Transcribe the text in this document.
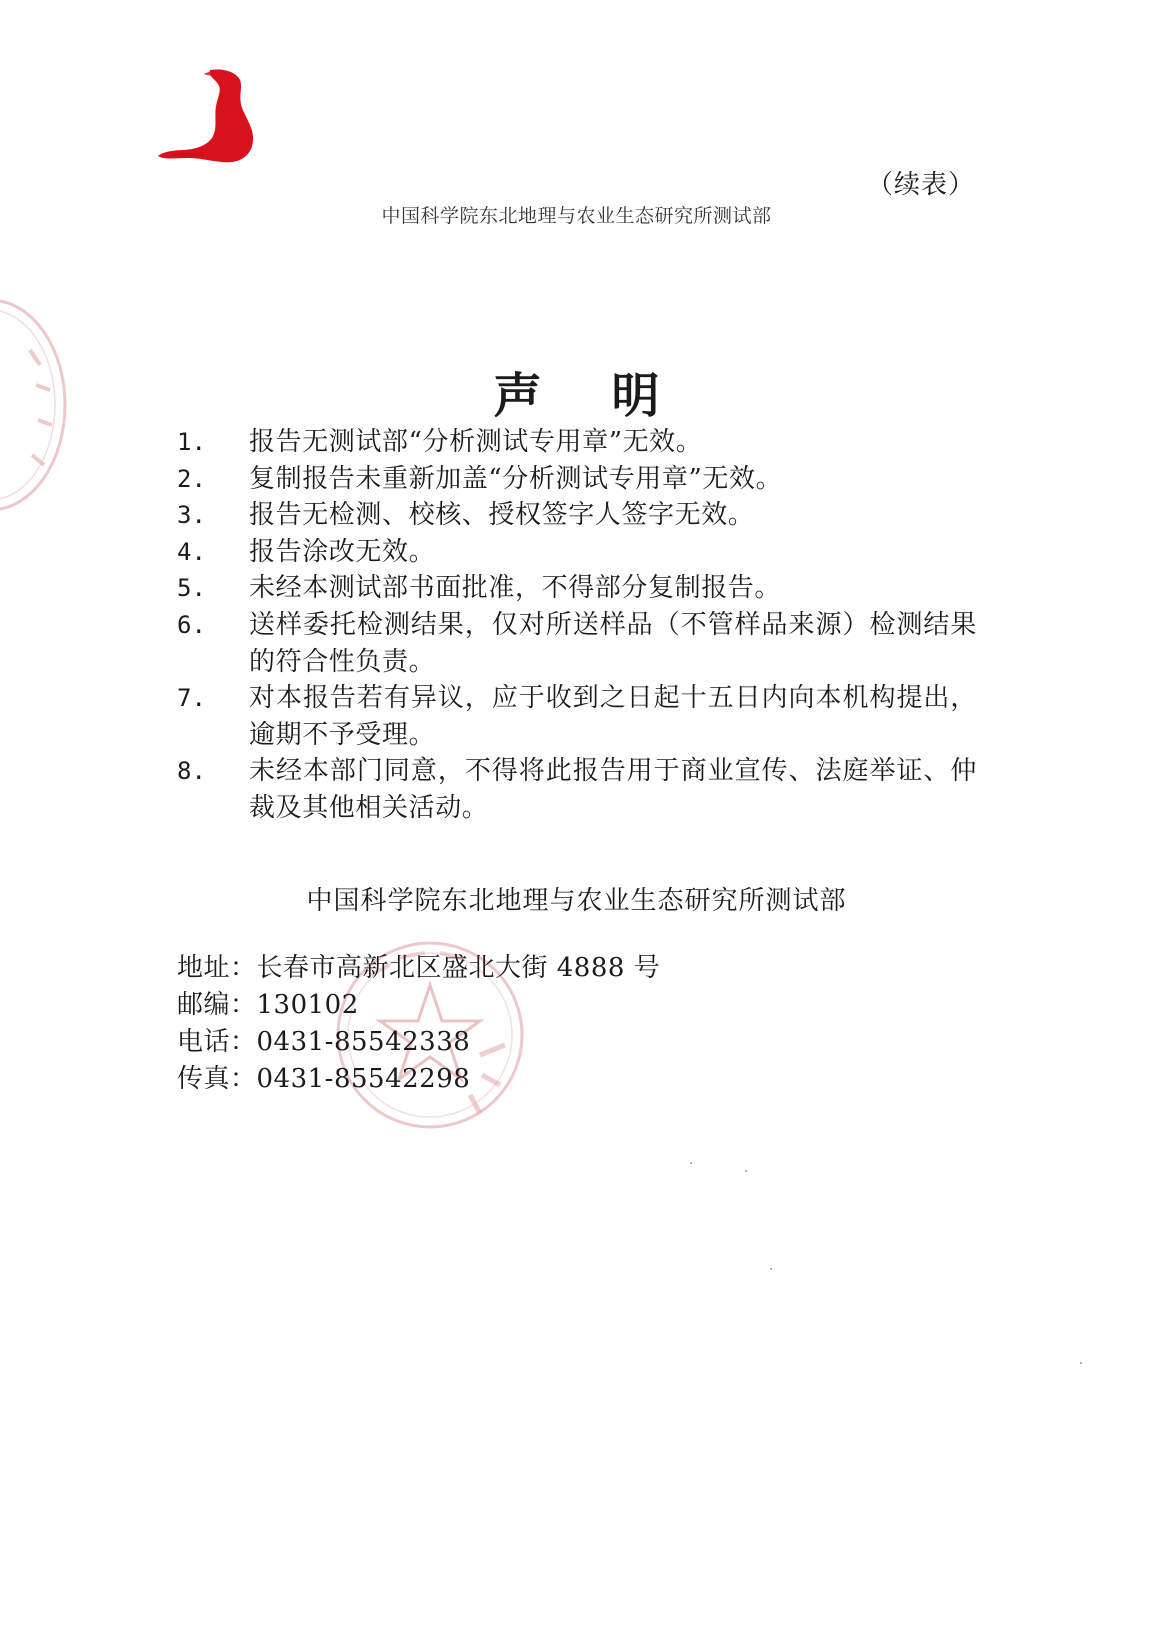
（续表）
中国科学院东北地理与农业生态研究所测试部
声 明
1.	报告无测试部“分析测试专用章”无效。
2.	复制报告未重新加盖“分析测试专用章”无效。
3.	报告无检测、校核、授权签字人签字无效。
4.	报告涂改无效。
5.	未经本测试部书面批准，不得部分复制报告。
6.	送样委托检测结果，仅对所送样品（不管样品来源）检测结果的符合性负责。
7.	对本报告若有异议，应于收到之日起十五日内向本机构提出，逾期不予受理。
8.	未经本部门同意，不得将此报告用于商业宣传、法庭举证、仲裁及其他相关活动。
中国科学院东北地理与农业生态研究所测试部
地址：长春市高新北区盛北大街 4888 号
邮编：130102
电话：0431-85542338
传真：0431-85542298
